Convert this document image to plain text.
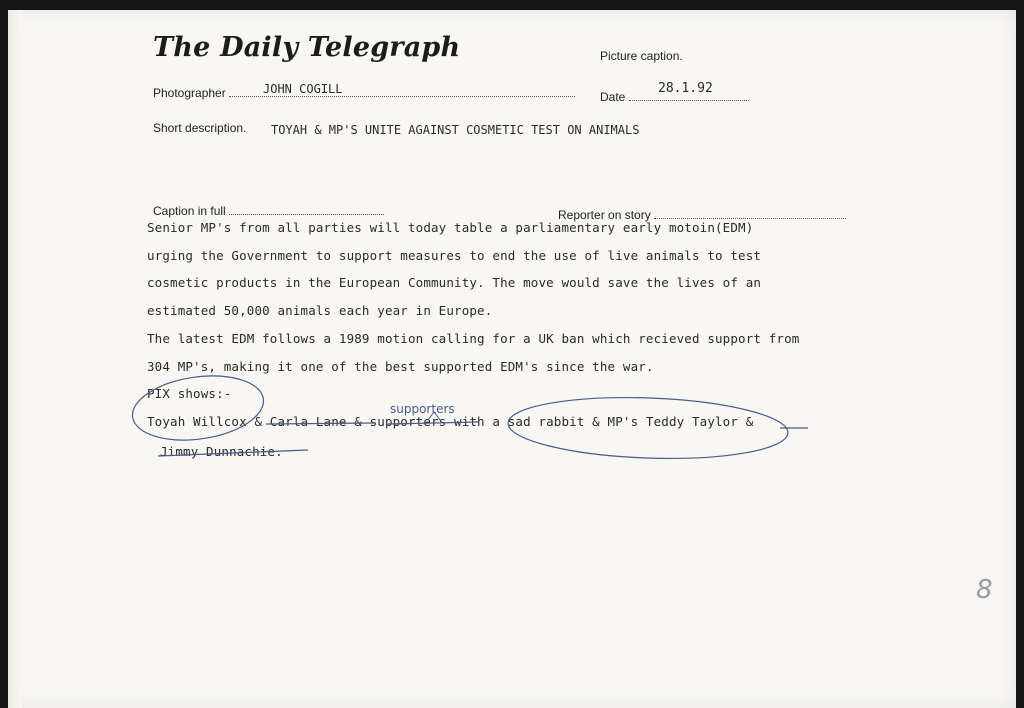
The Daily Telegraph	Picture caption.
Photographer	JOHN COGILL
Date
28.1.92
Short description. TOYAH & MP'S UNITE AGAINST COSMETIC TEST ON ANIMALS
Caption in full	Reporter on story
Senior MP's from all parties will today table a parliamentary early motoin(EDM)
urging the Government to support measures to end the use of live animals to test
cosmetic products in the European Community. The move would save the lives of an
estimated 50,000 animals each year in Europe.
The latest EDM follows a 1989 motion calling for a UK ban which recieved support from
304 MP's, making it one of the best supported EDM's since the war.
PIX shows:-
Toyah Willcox & Carla Lane & supporters with a sad rabbit & MP's Teddy Taylor &
Jimmy Dunnachie.
supporters
8
